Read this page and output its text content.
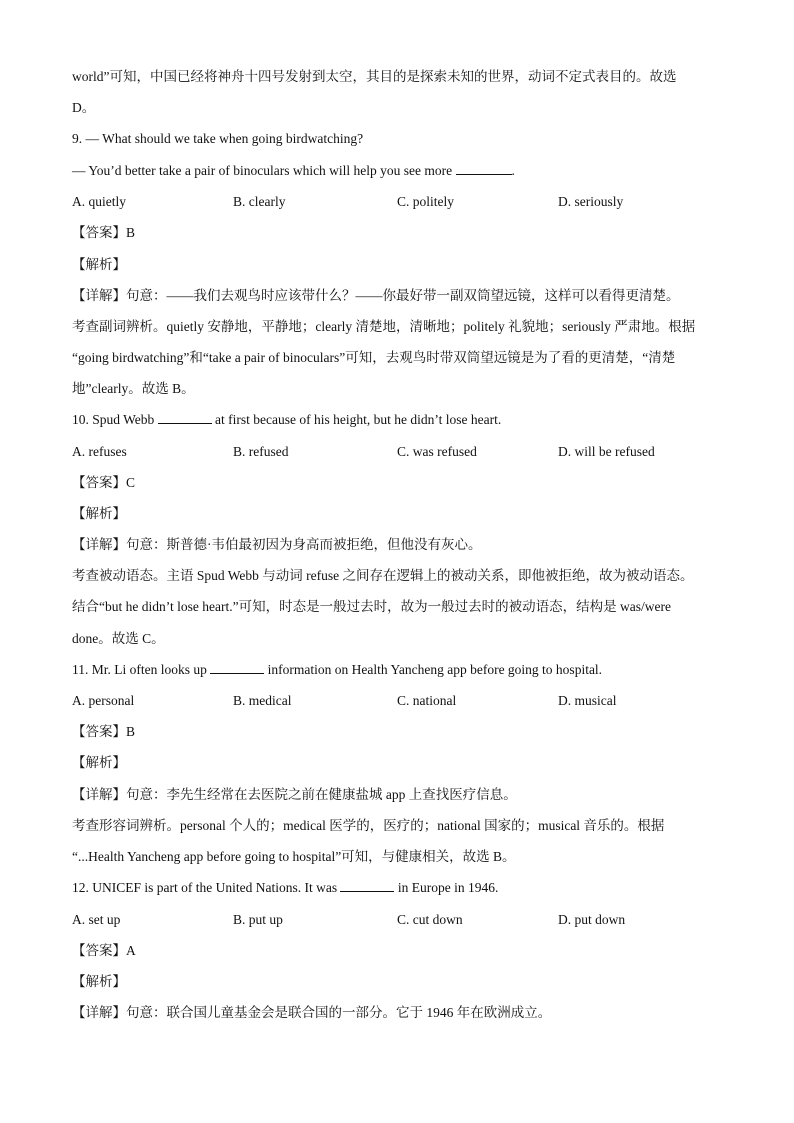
world”可知，中国已经将神舟十四号发射到太空，其目的是探索未知的世界，动词不定式表目的。故选
D。
9. — What should we take when going birdwatching?
— You’d better take a pair of binoculars which will help you see more	.
A. quietly	B. clearly	C. politely	D. seriously
【答案】B
【解析】
【详解】句意：——我们去观鸟时应该带什么？——你最好带一副双筒望远镜，这样可以看得更清楚。
考查副词辨析。quietly 安静地，平静地；clearly 清楚地，清晰地；politely 礼貌地；seriously 严肃地。根据
“going birdwatching”和“take a pair of binoculars”可知，去观鸟时带双筒望远镜是为了看的更清楚，“清楚
地”clearly。故选 B。
10. Spud Webb	at first because of his height, but he didn’t lose heart.
A. refuses	B. refused	C. was refused	D. will be refused
【答案】C
【解析】
【详解】句意：斯普德·韦伯最初因为身高而被拒绝，但他没有灰心。
考查被动语态。主语 Spud Webb 与动词 refuse 之间存在逻辑上的被动关系，即他被拒绝，故为被动语态。
结合“but he didn’t lose heart.”可知，时态是一般过去时，故为一般过去时的被动语态，结构是 was/were
done。故选 C。
11. Mr. Li often looks up	information on Health Yancheng app before going to hospital.
A. personal	B. medical	C. national	D. musical
【答案】B
【解析】
【详解】句意：李先生经常在去医院之前在健康盐城 app 上查找医疗信息。
考查形容词辨析。personal 个人的；medical 医学的，医疗的；national 国家的；musical 音乐的。根据
“...Health Yancheng app before going to hospital”可知，与健康相关，故选 B。
12. UNICEF is part of the United Nations. It was	in Europe in 1946.
A. set up	B. put up	C. cut down	D. put down
【答案】A
【解析】
【详解】句意：联合国儿童基金会是联合国的一部分。它于 1946 年在欧洲成立。
